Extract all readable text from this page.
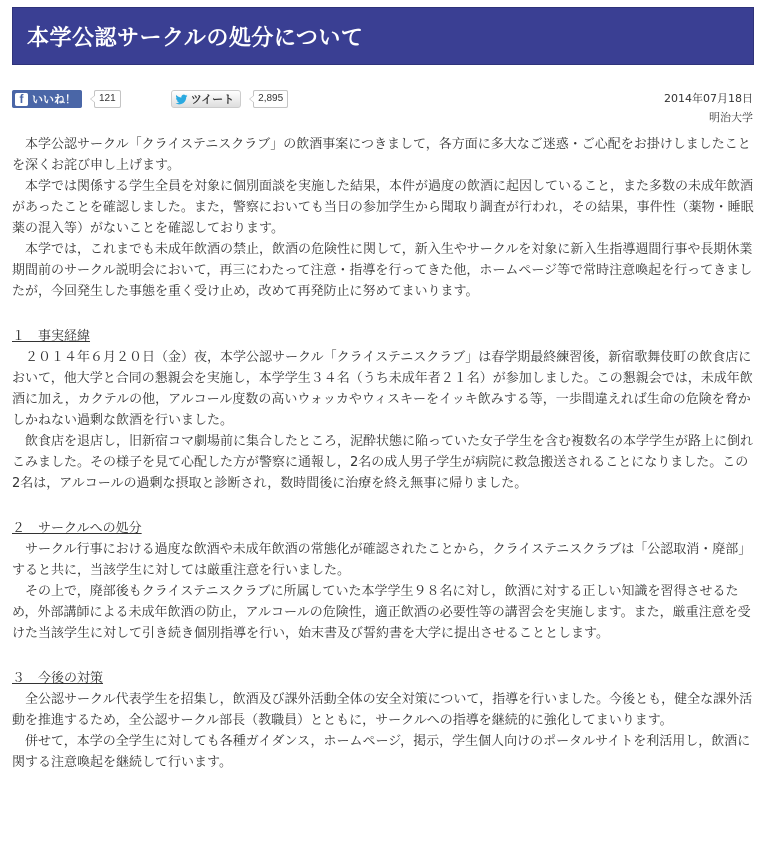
本学公認サークルの処分について
f いいね！	121	ツイート	2,895	2014年07月18日
明治大学

本学公認サークル「クライステニスクラブ」の飲酒事案につきまして，各方面に多大なご迷惑・ご心配をお掛けしましたことを深くお詫び申し上げます。

本学では関係する学生全員を対象に個別面談を実施した結果，本件が過度の飲酒に起因していること，また多数の未成年飲酒があったことを確認しました。また，警察においても当日の参加学生から聞取り調査が行われ，その結果，事件性（薬物・睡眠薬の混入等）がないことを確認しております。

本学では，これまでも未成年飲酒の禁止，飲酒の危険性に関して，新入生やサークルを対象に新入生指導週間行事や長期休業期間前のサークル説明会において，再三にわたって注意・指導を行ってきた他，ホームページ等で常時注意喚起を行ってきましたが，今回発生した事態を重く受け止め，改めて再発防止に努めてまいります。

１　事実経緯

２０１４年６月２０日（金）夜，本学公認サークル「クライステニスクラブ」は春学期最終練習後，新宿歌舞伎町の飲食店において，他大学と合同の懇親会を実施し，本学学生３４名（うち未成年者２１名）が参加しました。この懇親会では，未成年飲酒に加え，カクテルの他，アルコール度数の高いウォッカやウィスキーをイッキ飲みする等，一歩間違えれば生命の危険を脅かしかねない過剰な飲酒を行いました。

飲食店を退店し，旧新宿コマ劇場前に集合したところ，泥酔状態に陥っていた女子学生を含む複数名の本学学生が路上に倒れこみました。その様子を見て心配した方が警察に通報し，2名の成人男子学生が病院に救急搬送されることになりました。この2名は，アルコールの過剰な摂取と診断され，数時間後に治療を終え無事に帰りました。

２　サークルへの処分

サークル行事における過度な飲酒や未成年飲酒の常態化が確認されたことから，クライステニスクラブは「公認取消・廃部」すると共に，当該学生に対しては厳重注意を行いました。

その上で，廃部後もクライステニスクラブに所属していた本学学生９８名に対し，飲酒に対する正しい知識を習得させるため，外部講師による未成年飲酒の防止，アルコールの危険性，適正飲酒の必要性等の講習会を実施します。また，厳重注意を受けた当該学生に対して引き続き個別指導を行い，始末書及び誓約書を大学に提出させることとします。

３　今後の対策

全公認サークル代表学生を招集し，飲酒及び課外活動全体の安全対策について，指導を行いました。今後とも，健全な課外活動を推進するため，全公認サークル部長（教職員）とともに，サークルへの指導を継続的に強化してまいります。

併せて，本学の全学生に対しても各種ガイダンス，ホームページ，掲示，学生個人向けのポータルサイトを利活用し，飲酒に関する注意喚起を継続して行います。
